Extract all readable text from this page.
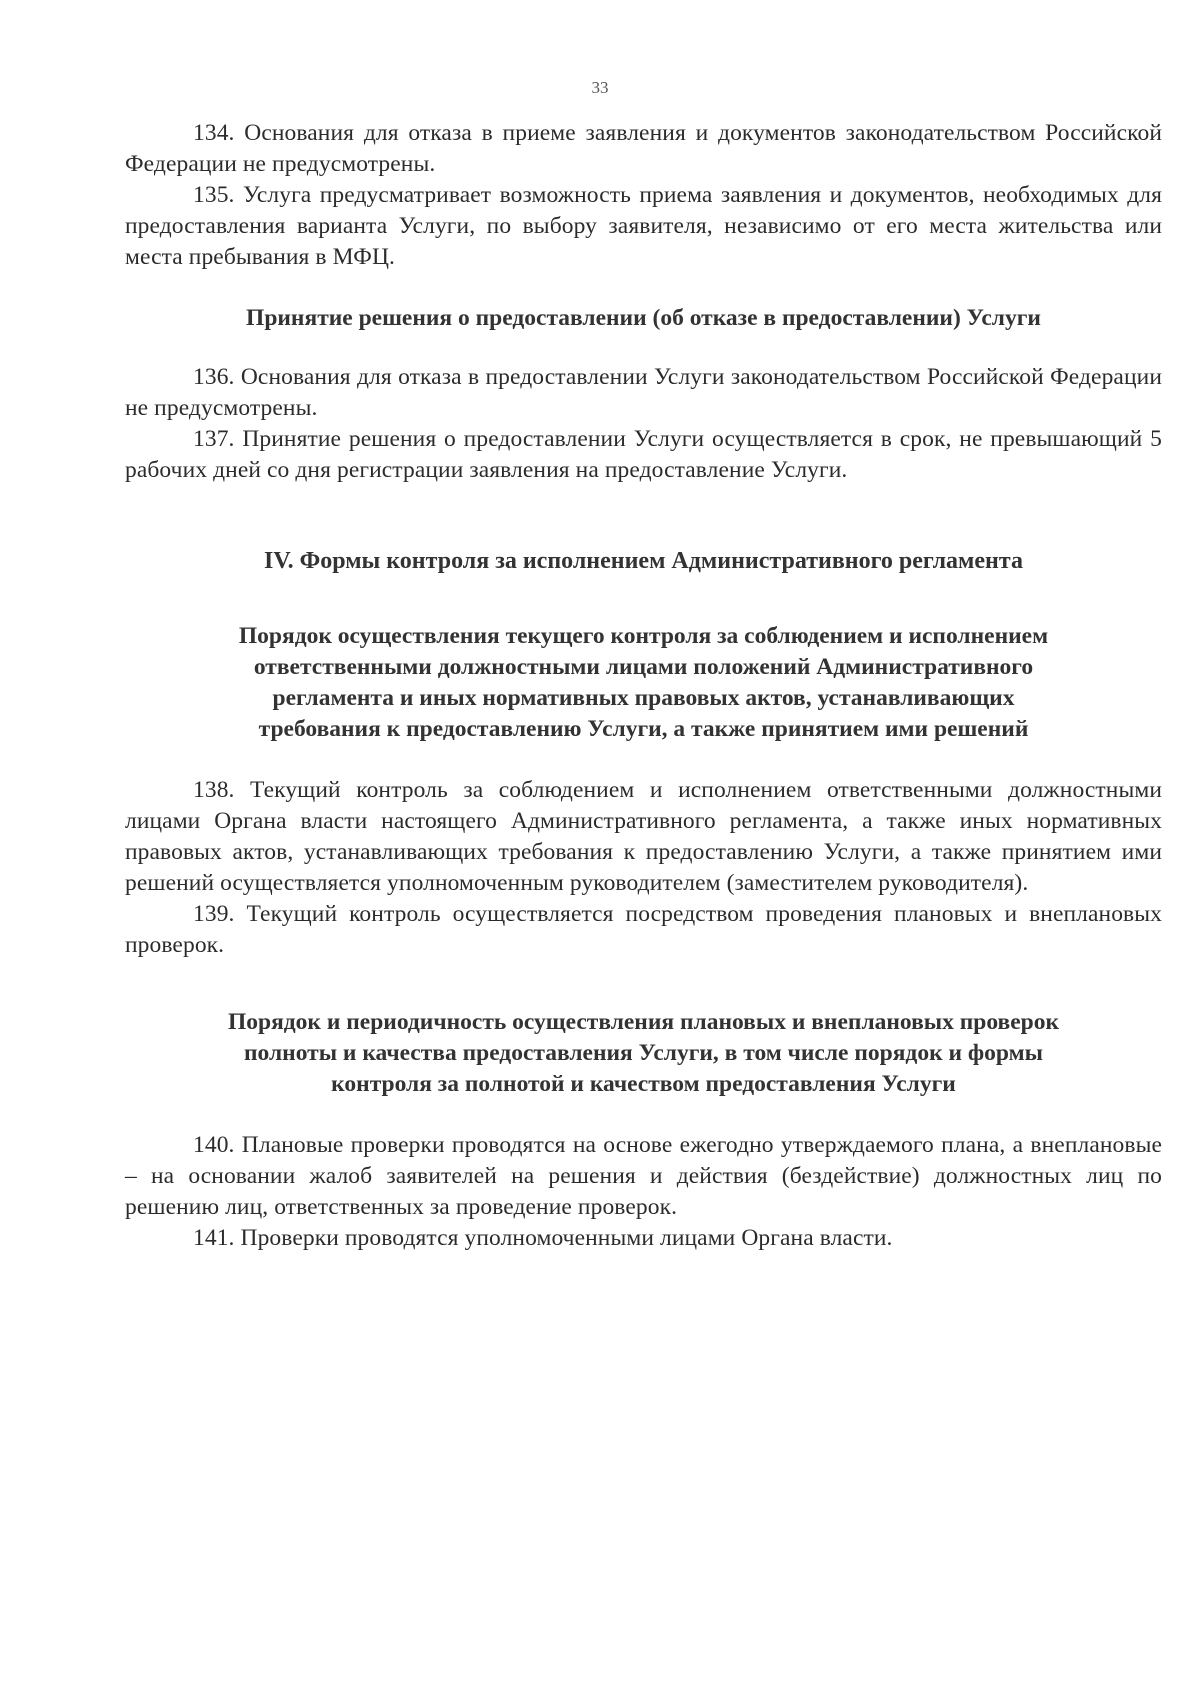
33

134. Основания для отказа в приеме заявления и документов законодательством Российской Федерации не предусмотрены.

135. Услуга предусматривает возможность приема заявления и документов, необходимых для предоставления варианта Услуги, по выбору заявителя, независимо от его места жительства или места пребывания в МФЦ.

Принятие решения о предоставлении (об отказе в предоставлении) Услуги

136. Основания для отказа в предоставлении Услуги законодательством Российской Федерации не предусмотрены.

137. Принятие решения о предоставлении Услуги осуществляется в срок, не превышающий 5 рабочих дней со дня регистрации заявления на предоставление Услуги.

IV. Формы контроля за исполнением Административного регламента

Порядок осуществления текущего контроля за соблюдением и исполнением
ответственными должностными лицами положений Административного
регламента и иных нормативных правовых актов, устанавливающих
требования к предоставлению Услуги, а также принятием ими решений

138. Текущий контроль за соблюдением и исполнением ответственными должностными лицами Органа власти настоящего Административного регламента, а также иных нормативных правовых актов, устанавливающих требования к предоставлению Услуги, а также принятием ими решений осуществляется уполномоченным руководителем (заместителем руководителя).

139. Текущий контроль осуществляется посредством проведения плановых и внеплановых проверок.

Порядок и периодичность осуществления плановых и внеплановых проверок
полноты и качества предоставления Услуги, в том числе порядок и формы
контроля за полнотой и качеством предоставления Услуги

140. Плановые проверки проводятся на основе ежегодно утверждаемого плана, а внеплановые – на основании жалоб заявителей на решения и действия (бездействие) должностных лиц по решению лиц, ответственных за проведение проверок.

141. Проверки проводятся уполномоченными лицами Органа власти.
